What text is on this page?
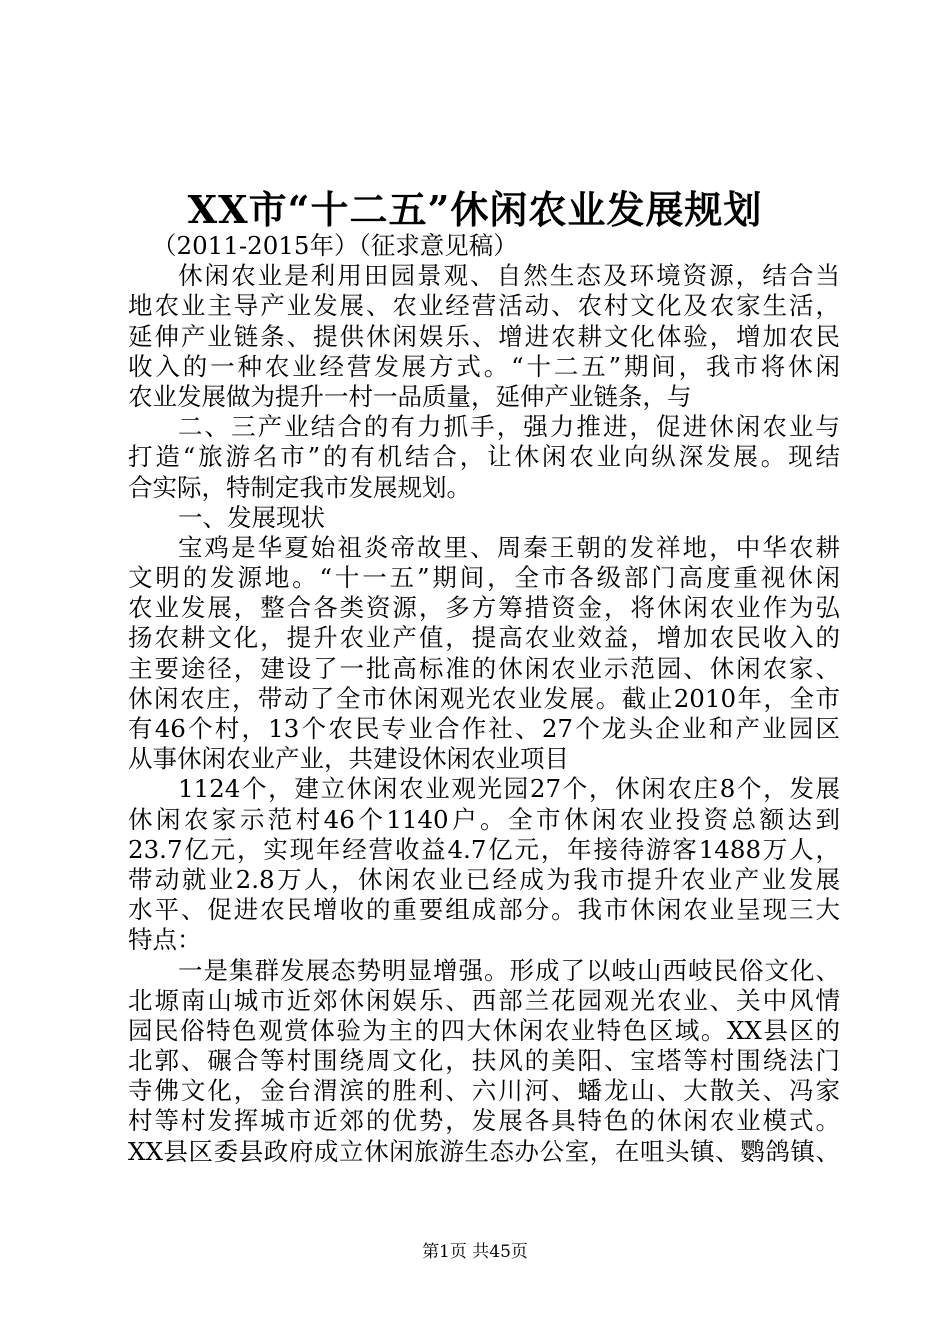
XX市“十二五”休闲农业发展规划
（2011-2015年）（征求意见稿）
休闲农业是利用田园景观、自然生态及环境资源，结合当
地农业主导产业发展、农业经营活动、农村文化及农家生活，
延伸产业链条、提供休闲娱乐、增进农耕文化体验，增加农民
收入的一种农业经营发展方式。“十二五”期间，我市将休闲
农业发展做为提升一村一品质量，延伸产业链条，与
二、三产业结合的有力抓手，强力推进，促进休闲农业与
打造“旅游名市”的有机结合，让休闲农业向纵深发展。现结
合实际，特制定我市发展规划。
一、发展现状
宝鸡是华夏始祖炎帝故里、周秦王朝的发祥地，中华农耕
文明的发源地。“十一五”期间，全市各级部门高度重视休闲
农业发展，整合各类资源，多方筹措资金，将休闲农业作为弘
扬农耕文化，提升农业产值，提高农业效益，增加农民收入的
主要途径，建设了一批高标准的休闲农业示范园、休闲农家、
休闲农庄，带动了全市休闲观光农业发展。截止2010年，全市
有46个村，13个农民专业合作社、27个龙头企业和产业园区
从事休闲农业产业，共建设休闲农业项目
1124个，建立休闲农业观光园27个，休闲农庄8个，发展
休闲农家示范村46个1140户。全市休闲农业投资总额达到
23.7亿元，实现年经营收益4.7亿元，年接待游客1488万人，
带动就业2.8万人，休闲农业已经成为我市提升农业产业发展
水平、促进农民增收的重要组成部分。我市休闲农业呈现三大
特点：
一是集群发展态势明显增强。形成了以岐山西岐民俗文化、
北塬南山城市近郊休闲娱乐、西部兰花园观光农业、关中风情
园民俗特色观赏体验为主的四大休闲农业特色区域。XX县区的
北郭、碾合等村围绕周文化，扶风的美阳、宝塔等村围绕法门
寺佛文化，金台渭滨的胜利、六川河、蟠龙山、大散关、冯家
村等村发挥城市近郊的优势，发展各具特色的休闲农业模式。
XX县区委县政府成立休闲旅游生态办公室，在咀头镇、鹦鸽镇、
第1页 共45页
